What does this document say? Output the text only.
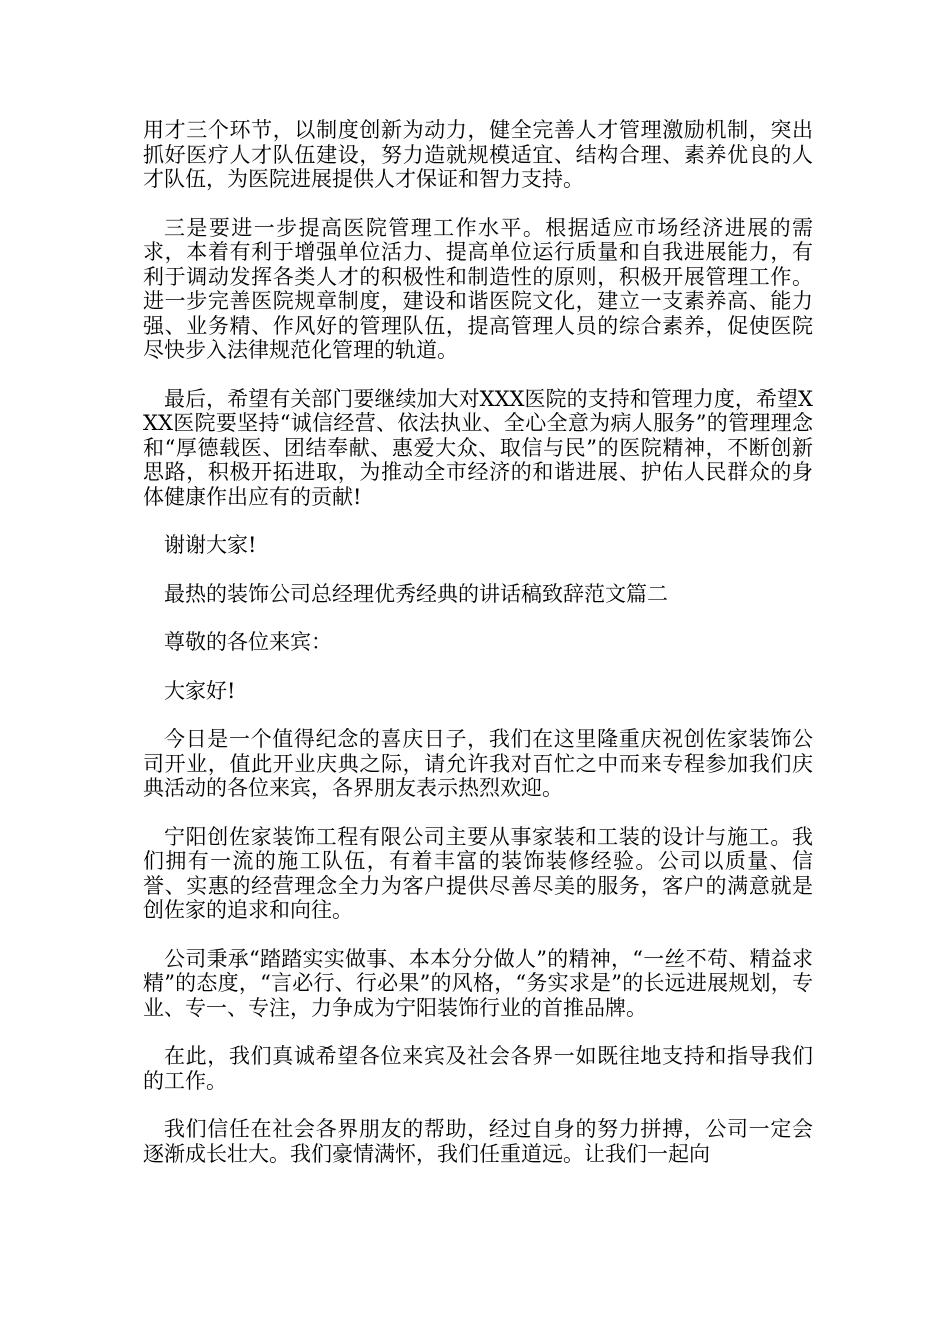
用才三个环节，以制度创新为动力，健全完善人才管理激励机制，突出抓好医疗人才队伍建设，努力造就规模适宜、结构合理、素养优良的人才队伍，为医院进展提供人才保证和智力支持。

三是要进一步提高医院管理工作水平。根据适应市场经济进展的需求，本着有利于增强单位活力、提高单位运行质量和自我进展能力，有利于调动发挥各类人才的积极性和制造性的原则，积极开展管理工作。进一步完善医院规章制度，建设和谐医院文化，建立一支素养高、能力强、业务精、作风好的管理队伍，提高管理人员的综合素养，促使医院尽快步入法律规范化管理的轨道。

最后，希望有关部门要继续加大对XXX医院的支持和管理力度，希望XXX医院要坚持“诚信经营、依法执业、全心全意为病人服务”的管理理念和“厚德载医、团结奉献、惠爱大众、取信与民”的医院精神，不断创新思路，积极开拓进取，为推动全市经济的和谐进展、护佑人民群众的身体健康作出应有的贡献!

谢谢大家!

最热的装饰公司总经理优秀经典的讲话稿致辞范文篇二

尊敬的各位来宾：

大家好!

今日是一个值得纪念的喜庆日子，我们在这里隆重庆祝创佐家装饰公司开业，值此开业庆典之际，请允许我对百忙之中而来专程参加我们庆典活动的各位来宾，各界朋友表示热烈欢迎。

宁阳创佐家装饰工程有限公司主要从事家装和工装的设计与施工。我们拥有一流的施工队伍，有着丰富的装饰装修经验。公司以质量、信誉、实惠的经营理念全力为客户提供尽善尽美的服务，客户的满意就是创佐家的追求和向往。

公司秉承“踏踏实实做事、本本分分做人”的精神，“一丝不苟、精益求精”的态度，“言必行、行必果”的风格，“务实求是”的长远进展规划，专业、专一、专注，力争成为宁阳装饰行业的首推品牌。

在此，我们真诚希望各位来宾及社会各界一如既往地支持和指导我们的工作。

我们信任在社会各界朋友的帮助，经过自身的努力拼搏，公司一定会逐渐成长壮大。我们豪情满怀，我们任重道远。让我们一起向
